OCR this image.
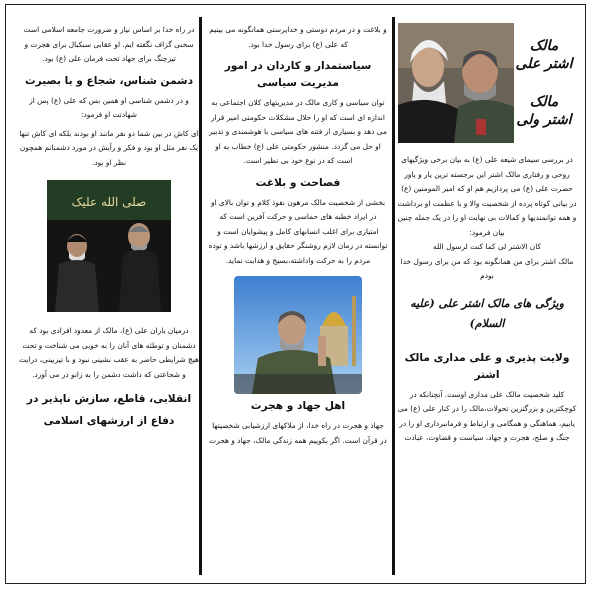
مالک اشتر علی
مالک اشتر ولی

در بررسی سیمای شیعه علی (ع) به بیان برخی ویژگیهای روحی و رفتاری مالک اشتر این برجسته ترین یار و یاور حضرت علی (ع) می پردازیم هم او که امیر المومنین (ع) در بیانی کوتاه پرده از شخصیت والا و با عظمت او برداشت و همه توانمندیها و کمالات بی نهایت او را در یک جمله چنین بیان فرمود:

کان الاشتر لی کما کنت لرسول الله

مالک اشتر برای من همانگونه بود که من برای رسول خدا بودم

ویژگی های مالک اشتر علی (علیه السلام)
ولایت پذیری و علی مداری مالک اشتر

کلید شخصیت مالک علی مداری اوست. آنچنانکه در کوچکترین و بزرگترین تحولات،مالک را در کنار علی (ع) می یابیم، هماهنگی و همگامی و ارتباط و فرمانبرداری او را در جنگ و صلح، هجرت و جهاد، سیاست و قضاوت، عبادت

و بلاغت و در مردم دوستی و خداپرستی همانگونه می بینیم که علی (ع) برای رسول خدا بود.

سیاستمدار و کاردان در امور مدیریت سیاسی

توان سیاسی و کاری مالک در مدیریتهای کلان اجتماعی به اندازه ای است که او را حلال مشکلات حکومتی امیر قرار می دهد و بسیاری از فتنه های سیاسی با هوشمندی و تدبیر او حل می گردد. منشور حکومتی علی (ع) خطاب به او است که در نوع خود بی نظیر است.

فصاحت و بلاغت

بخشی از شخصیت مالک مرهون نفوذ کلام و توان بالای او در ایراد خطبه های حماسی و حرکت آفرین است که امتیازی برای اغلب انسانهای کامل و پیشوایان است و توانسته در زمان لازم روشنگر حقایق و ارزشها باشد و توده مردم را به حرکت واداشته،بسیج و هدایت نماید.

اهل جهاد و هجرت

جهاد و هجرت در راه خدا، از ملاکهای ارزشیابی شخصیتها در قرآن است. اگر بکوییم همه زندگی مالک، جهاد و هجرت

در راه خدا بر اساس نیاز و ضرورت جامعه اسلامی است سخنی گزاف نگفته ایم. او عقابی سبکبال برای هجرت و تیزچنگ برای جهاد تحت فرمان علی (ع) بود.

دشمن شناس، شجاع و با بصیرت

و در دشمن شناسی او همین بس که علی (ع) پس از شهادتت او فرمود:

ای کاش در بین شما دو نفر مانند او بودند بلکه ای کاش تنها یک نفر مثل او بود و فکر و رأیش در مورد دشمنانم همچون نظر او بود.

صلی الله علیک

درمیان یاران علی (ع)، مالک از معدود افرادی بود که دشمنان و توطئه های آنان را به خوبی می شناخت و تحت هیچ شرایطی حاضر به عقب نشینی نبود و با تیزبینی، درایت و شجاعتی که داشت دشمن را به زانو در می آورد.

انقلابی، قاطع، سازش ناپذیر در دفاع از ارزشهای اسلامی
